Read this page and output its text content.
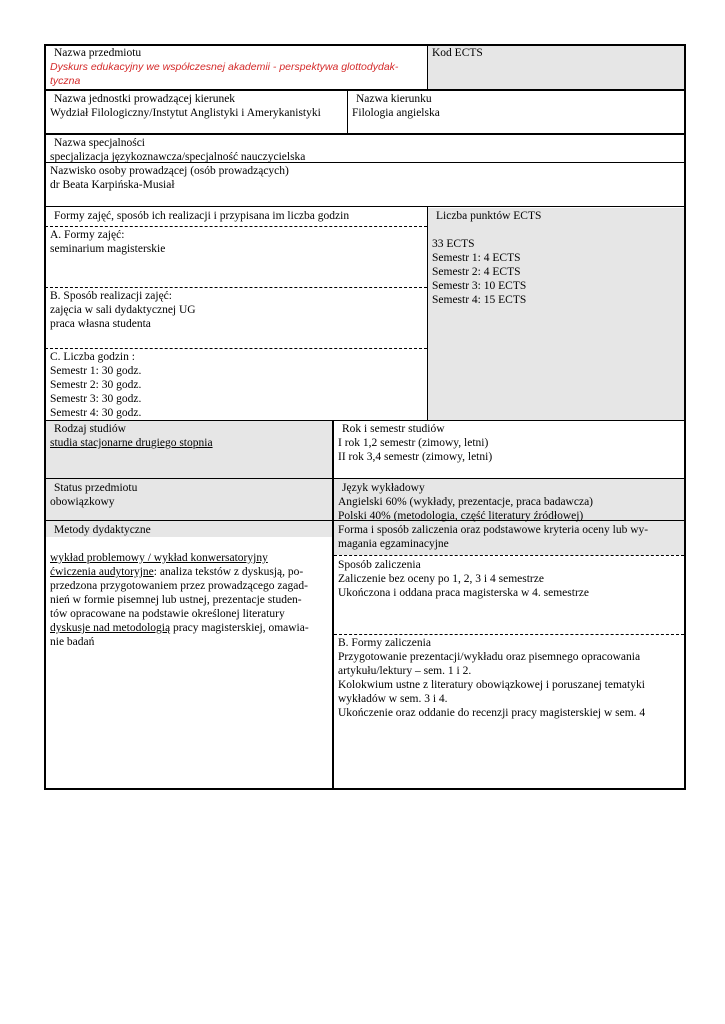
Nazwa przedmiotu
Dyskurs edukacyjny we współczesnej akademii - perspektywa glottodydak-
tyczna
Kod ECTS
Nazwa jednostki prowadzącej kierunek
Wydział Filologiczny/Instytut Anglistyki i Amerykanistyki
Nazwa kierunku
Filologia angielska
Nazwa specjalności
specjalizacja językoznawcza/specjalność nauczycielska
Nazwisko osoby prowadzącej (osób prowadzących)
dr Beata Karpińska-Musiał
Formy zajęć, sposób ich realizacji i przypisana im liczba godzin
A. Formy zajęć:
seminarium magisterskie
B. Sposób realizacji zajęć:
zajęcia w sali dydaktycznej UG
praca własna studenta
C. Liczba godzin :
Semestr 1: 30 godz.
Semestr 2: 30 godz.
Semestr 3: 30 godz.
Semestr 4: 30 godz.
Liczba punktów ECTS

33 ECTS
Semestr 1: 4 ECTS
Semestr 2: 4 ECTS
Semestr 3: 10 ECTS
Semestr 4: 15 ECTS
Rodzaj studiów
studia stacjonarne drugiego stopnia
Rok i semestr studiów
I rok 1,2 semestr (zimowy, letni)
II rok 3,4 semestr (zimowy, letni)
Status przedmiotu
obowiązkowy
Język wykładowy
Angielski 60% (wykłady, prezentacje, praca badawcza)
Polski 40% (metodologia, część literatury źródłowej)
Metody dydaktyczne

wykład problemowy / wykład konwersatoryjny
ćwiczenia audytoryjne: analiza tekstów z dyskusją, po-
przedzona przygotowaniem przez prowadzącego zagad-
nień w formie pisemnej lub ustnej, prezentacje studen-
tów opracowane na podstawie określonej literatury
dyskusje nad metodologią pracy magisterskiej, omawia-
nie badań
Forma i sposób zaliczenia oraz podstawowe kryteria oceny lub wy-
magania egzaminacyjne
Sposób zaliczenia
Zaliczenie bez oceny po 1, 2, 3 i 4 semestrze
Ukończona i oddana praca magisterska w 4. semestrze
B. Formy zaliczenia
Przygotowanie prezentacji/wykładu oraz pisemnego opracowania
artykułu/lektury – sem. 1 i 2.
Kolokwium ustne z literatury obowiązkowej i poruszanej tematyki
wykładów w sem. 3 i 4.
Ukończenie oraz oddanie do recenzji pracy magisterskiej w sem. 4
